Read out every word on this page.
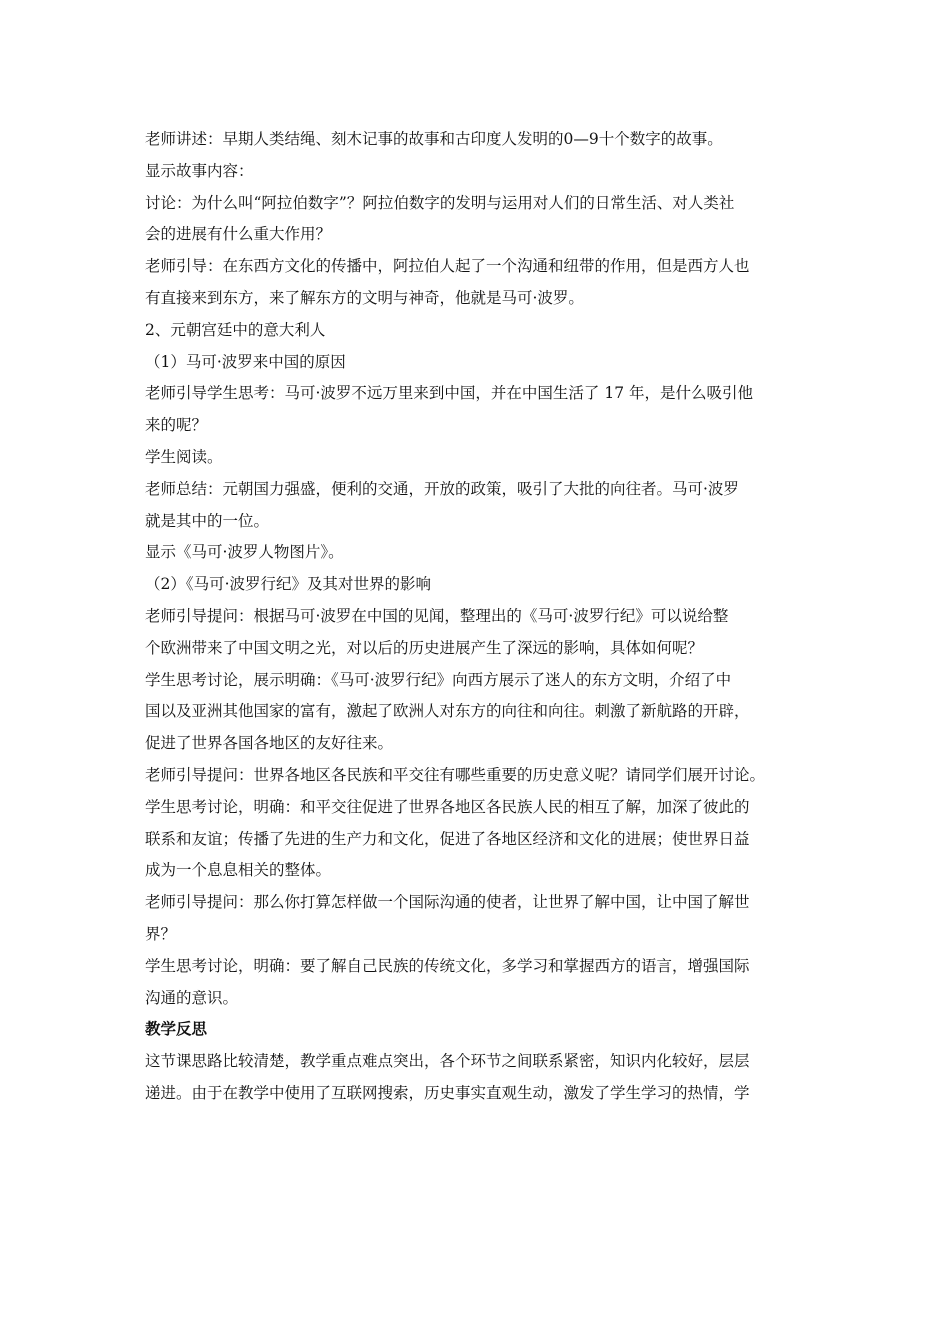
老师讲述：早期人类结绳、刻木记事的故事和古印度人发明的0—9十个数字的故事。
显示故事内容：
讨论：为什么叫“阿拉伯数字”？阿拉伯数字的发明与运用对人们的日常生活、对人类社
会的进展有什么重大作用？
老师引导：在东西方文化的传播中，阿拉伯人起了一个沟通和纽带的作用，但是西方人也
有直接来到东方，来了解东方的文明与神奇，他就是马可·波罗。
2、元朝宫廷中的意大利人
（1）马可·波罗来中国的原因
老师引导学生思考：马可·波罗不远万里来到中国，并在中国生活了 17 年，是什么吸引他
来的呢？
学生阅读。
老师总结：元朝国力强盛，便利的交通，开放的政策，吸引了大批的向往者。马可·波罗
就是其中的一位。
显示《马可·波罗人物图片》。
（2）《马可·波罗行纪》及其对世界的影响
老师引导提问：根据马可·波罗在中国的见闻，整理出的《马可·波罗行纪》可以说给整
个欧洲带来了中国文明之光，对以后的历史进展产生了深远的影响，具体如何呢？
学生思考讨论，展示明确：《马可·波罗行纪》向西方展示了迷人的东方文明，介绍了中
国以及亚洲其他国家的富有，激起了欧洲人对东方的向往和向往。刺激了新航路的开辟，
促进了世界各国各地区的友好往来。
老师引导提问：世界各地区各民族和平交往有哪些重要的历史意义呢？请同学们展开讨论。
学生思考讨论，明确：和平交往促进了世界各地区各民族人民的相互了解，加深了彼此的
联系和友谊；传播了先进的生产力和文化，促进了各地区经济和文化的进展；使世界日益
成为一个息息相关的整体。
老师引导提问：那么你打算怎样做一个国际沟通的使者，让世界了解中国，让中国了解世
界？
学生思考讨论，明确：要了解自己民族的传统文化，多学习和掌握西方的语言，增强国际
沟通的意识。
教学反思
这节课思路比较清楚，教学重点难点突出，各个环节之间联系紧密，知识内化较好，层层
递进。由于在教学中使用了互联网搜索，历史事实直观生动，激发了学生学习的热情，学
